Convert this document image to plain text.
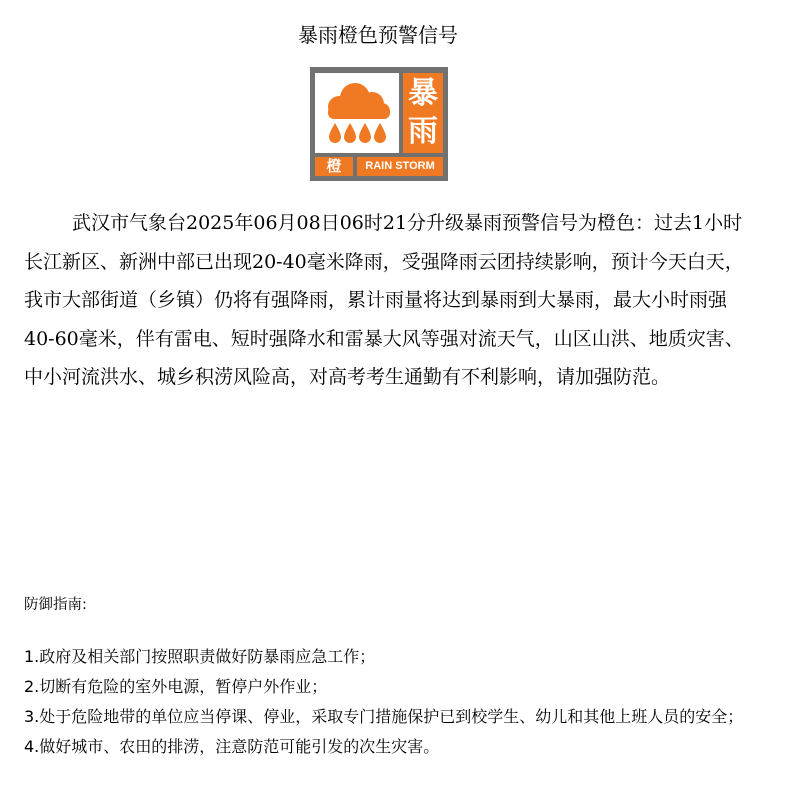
暴雨橙色预警信号
暴
雨
橙	RAIN STORM

武汉市气象台2025年06月08日06时21分升级暴雨预警信号为橙色：过去1小时长江新区、新洲中部已出现20-40毫米降雨，受强降雨云团持续影响，预计今天白天，我市大部街道（乡镇）仍将有强降雨，累计雨量将达到暴雨到大暴雨，最大小时雨强40-60毫米，伴有雷电、短时强降水和雷暴大风等强对流天气，山区山洪、地质灾害、中小河流洪水、城乡积涝风险高，对高考考生通勤有不利影响，请加强防范。

防御指南:

1.政府及相关部门按照职责做好防暴雨应急工作；
2.切断有危险的室外电源，暂停户外作业；
3.处于危险地带的单位应当停课、停业，采取专门措施保护已到校学生、幼儿和其他上班人员的安全；
4.做好城市、农田的排涝，注意防范可能引发的次生灾害。
